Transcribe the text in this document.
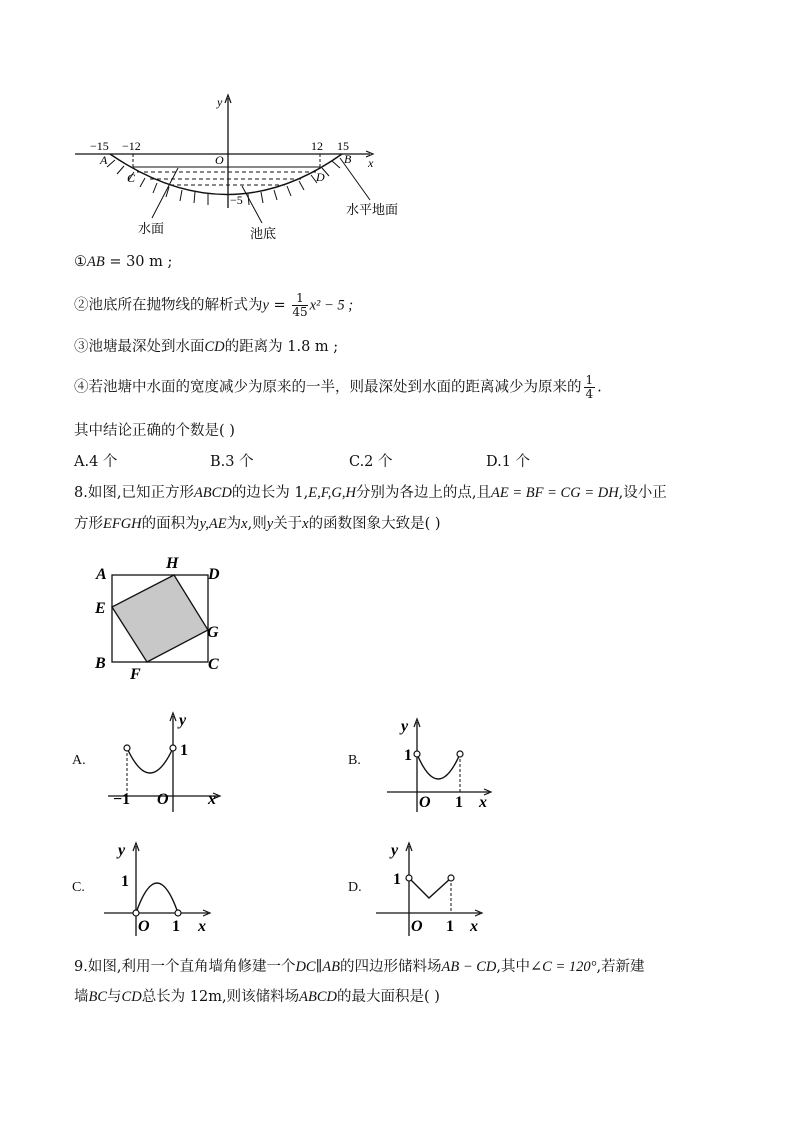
y
x
O
−15 −12	12 15
A	B
C	D
−5
水面	池底
水平地面
①AB = 30 m ;
②池底所在抛物线的解析式为$y = \frac{1}{45} x^2 - 5$ ;
③池塘最深处到水面CD的距离为 1.8 m ;
④若池塘中水面的宽度减少为原来的一半，则最深处到水面的距离减少为原来的 $\frac{1}{4}$ .
其中结论正确的个数是( )
A.4 个	B.3 个	C.2 个	D.1 个
8.如图,已知正方形ABCD的边长为 1,E,F,G,H分别为各边上的点,且AE = BF = CG = DH,设小正
方形EFGH的面积为y,AE为x,则y关于x的函数图象大致是( )
A
H
D
E
G
B
F
C
A.	B.
C.	D.
y
1
−1 O x
y
1
O 1 x
y
1
O 1 x
y
1
O 1 x
9.如图,利用一个直角墙角修建一个DC∥AB的四边形储料场AB − CD,其中∠C = 120°,若新建
墙BC与CD总长为 12m,则该储料场ABCD的最大面积是( )
